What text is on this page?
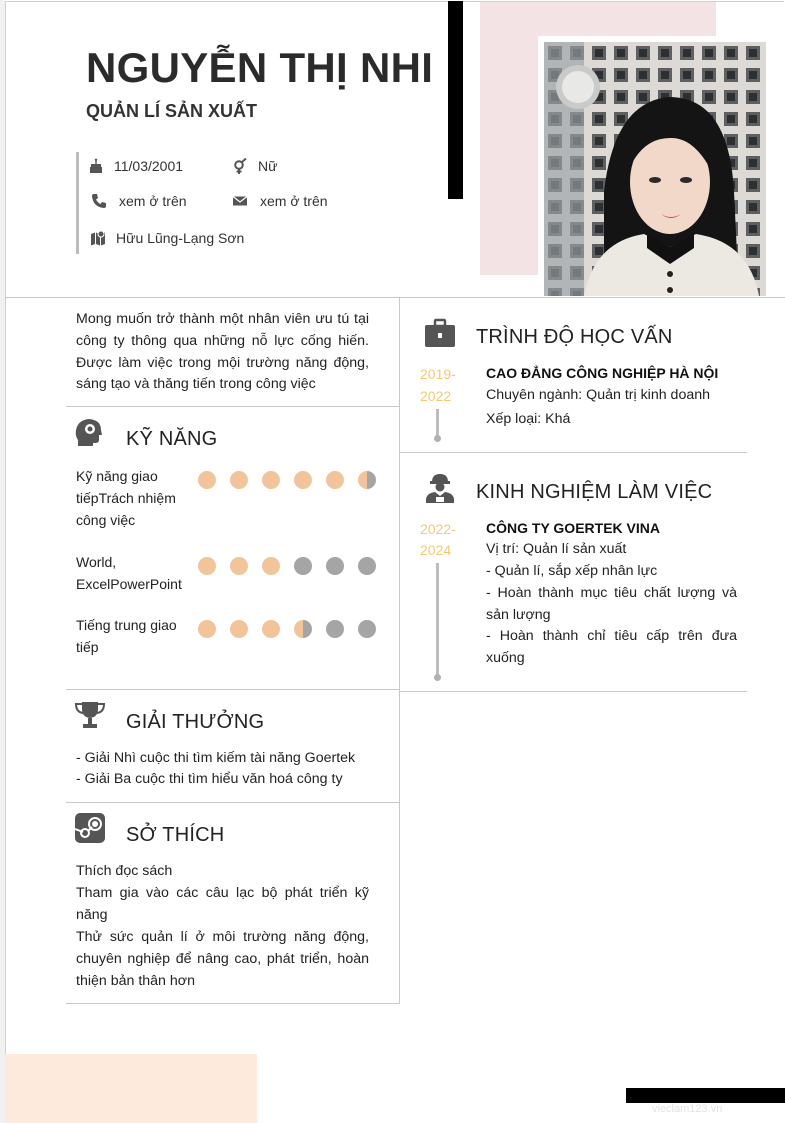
NGUYỄN THỊ NHI
QUẢN LÍ SẢN XUẤT
11/03/2001	Nữ
xem ở trên	xem ở trên
Hữu Lũng-Lạng Sơn
Mong muốn trở thành một nhân viên ưu tú tại công ty thông qua những nỗ lực cống hiến. Được làm việc trong mội trường năng động, sáng tạo và thăng tiến trong công việc
KỸ NĂNG
Kỹ năng giao tiếpTrách nhiệm công việc
World, ExcelPowerPoint
Tiếng trung giao tiếp
GIẢI THƯỞNG
- Giải Nhì cuộc thi tìm kiếm tài năng Goertek
- Giải Ba cuộc thi tìm hiểu văn hoá công ty
SỞ THÍCH
Thích đọc sách
Tham gia vào các câu lạc bộ phát triển kỹ năng
Thử sức quản lí ở môi trường năng động, chuyên nghiệp để nâng cao, phát triển, hoàn thiện bản thân hơn
TRÌNH ĐỘ HỌC VẤN
2019-
2022
CAO ĐẲNG CÔNG NGHIỆP HÀ NỘI
Chuyên ngành: Quản trị kinh doanh
Xếp loại: Khá
KINH NGHIỆM LÀM VIỆC
2022-
2024
CÔNG TY GOERTEK VINA
Vị trí: Quản lí sản xuất
- Quản lí, sắp xếp nhân lực
- Hoàn thành mục tiêu chất lượng và sản lượng
- Hoàn thành chỉ tiêu cấp trên đưa xuống
vieclam123.vn
